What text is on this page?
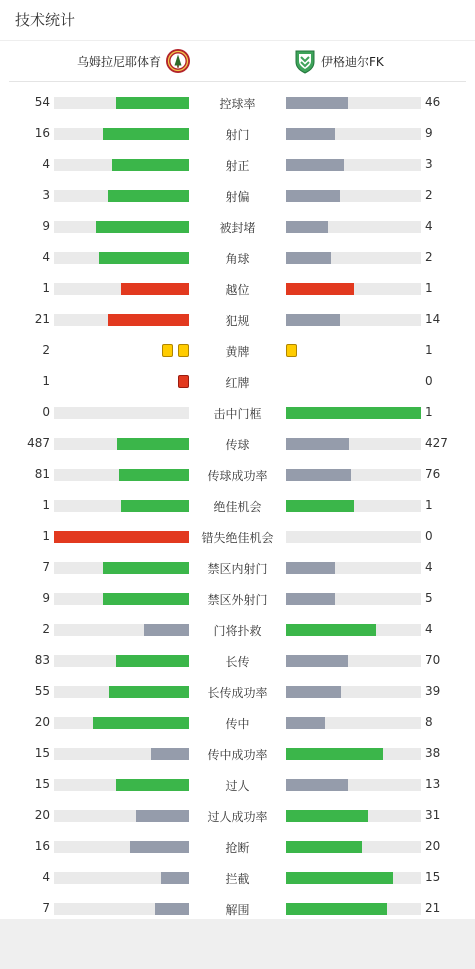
技术统计
乌姆拉尼耶体育	伊格迪尔FK
54	控球率	46
16	射门	9
4	射正	3
3	射偏	2
9	被封堵	4
4	角球	2
1	越位	1
21	犯规	14
2	黄牌	1
1	红牌	0
0	击中门框	1
487	传球	427
81	传球成功率	76
1	绝佳机会	1
1	错失绝佳机会	0
7	禁区内射门	4
9	禁区外射门	5
2	门将扑救	4
83	长传	70
55	长传成功率	39
20	传中	8
15	传中成功率	38
15	过人	13
20	过人成功率	31
16	抢断	20
4	拦截	15
7	解围	21
